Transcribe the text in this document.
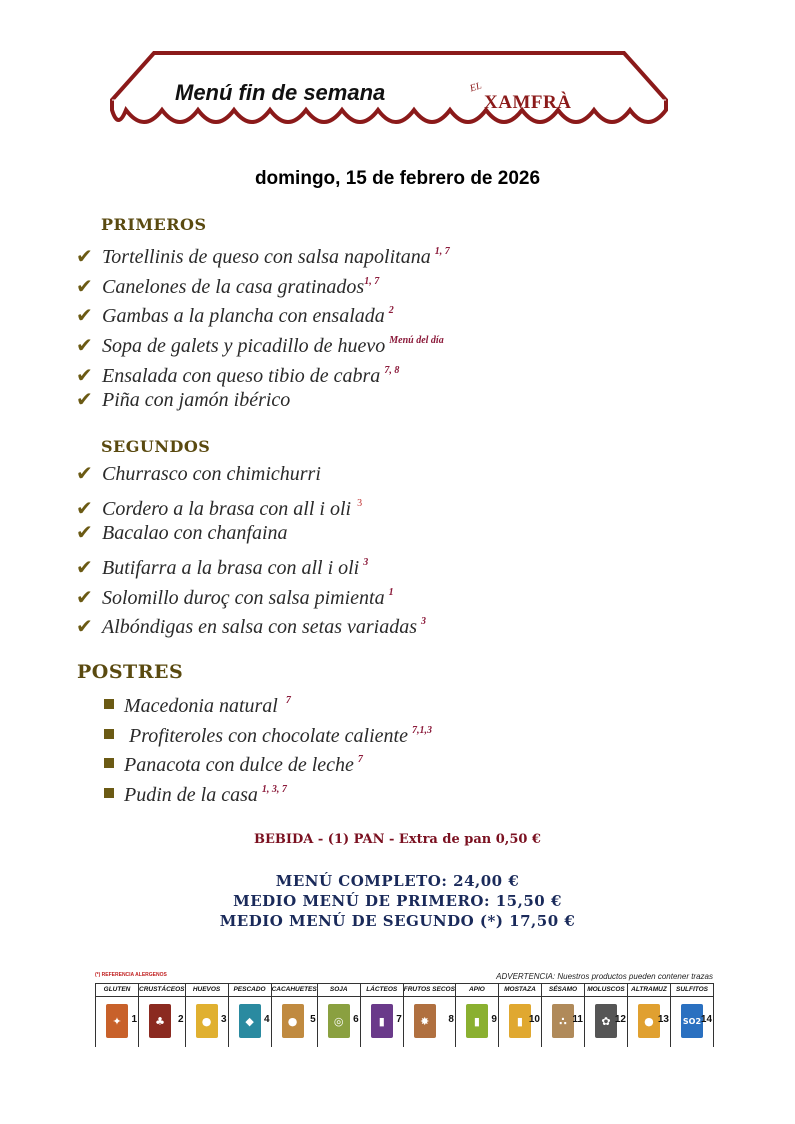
Menú fin de semana	EL
XAMFRÀ
domingo, 15 de febrero de 2026
PRIMEROS
✔ Tortellinis de queso con salsa napolitana $^{1, 7}$
✔ Canelones de la casa gratinados$^{1, 7}$
✔ Gambas a la plancha con ensalada $^2$
✔ Sopa de galets y picadillo de huevo $^{Menú del día}$
✔ Ensalada con queso tibio de cabra $^{7, 8}$
✔ Piña con jamón ibérico
SEGUNDOS
✔ Churrasco con chimichurri
✔ Cordero a la brasa con all i oli $^3$
✔ Bacalao con chanfaina
✔ Butifarra a la brasa con all i oli $^3$
✔ Solomillo duroç con salsa pimienta $^1$
✔ Albóndigas en salsa con setas variadas $^3$
POSTRES
Macedonia natural $^7$
Profiteroles con chocolate caliente $^{7,1,3}$
Panacota con dulce de leche $^7$
Pudin de la casa $^{1, 3, 7}$
BEBIDA - (1) PAN - Extra de pan 0,50 €
MENÚ COMPLETO: 24,00 €
MEDIO MENÚ DE PRIMERO: 15,50 €
MEDIO MENÚ DE SEGUNDO (*) 17,50 €
(*) REFERENCIA ALERGENOS	ADVERTENCIA: Nuestros productos pueden contener trazas
GLUTEN
✦ 1
CRUSTÁCEOS
♣	2
HUEVOS
● 3
PESCADO
◆	4
CACAHUETES
●	5
SOJA
◎ 6
LÁCTEOS
▮	7
FRUTOS SECOS
✸	8
APIO
▮	9
MOSTAZA
▮ 10
SÉSAMO
∴ 11
MOLUSCOS
✿ 12
ALTRAMUZ
● 13
SULFITOS
SO2 14
